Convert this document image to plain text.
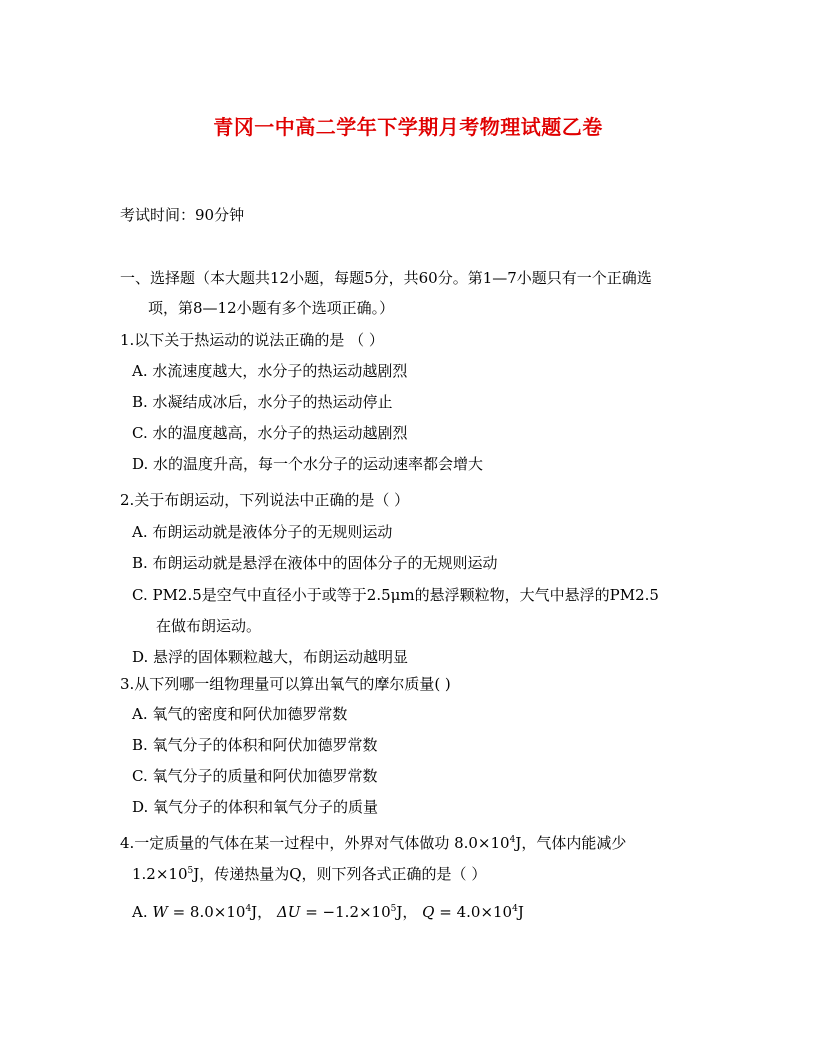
青冈一中高二学年下学期月考物理试题乙卷
考试时间：90分钟
一、选择题（本大题共12小题，每题5分，共60分。第1—7小题只有一个正确选
项，第8—12小题有多个选项正确。）
1.以下关于热运动的说法正确的是 （ ）
A. 水流速度越大，水分子的热运动越剧烈
B. 水凝结成冰后，水分子的热运动停止
C. 水的温度越高，水分子的热运动越剧烈
D. 水的温度升高，每一个水分子的运动速率都会增大
2.关于布朗运动，下列说法中正确的是（ ）
A. 布朗运动就是液体分子的无规则运动
B. 布朗运动就是悬浮在液体中的固体分子的无规则运动
C. PM2.5是空气中直径小于或等于2.5μm的悬浮颗粒物，大气中悬浮的PM2.5
在做布朗运动。
D. 悬浮的固体颗粒越大，布朗运动越明显
3.从下列哪一组物理量可以算出氧气的摩尔质量( )
A. 氧气的密度和阿伏加德罗常数
B. 氧气分子的体积和阿伏加德罗常数
C. 氧气分子的质量和阿伏加德罗常数
D. 氧气分子的体积和氧气分子的质量
4.一定质量的气体在某一过程中，外界对气体做功 $8.0\times 10^4J$，气体内能减少
$1.2\times 10^5J$，传递热量为Q，则下列各式正确的是（ ）
A. $W = 8.0\times 10^4J$， $\Delta U = -1.2\times 10^5J$， $Q = 4.0\times 10^4J$
